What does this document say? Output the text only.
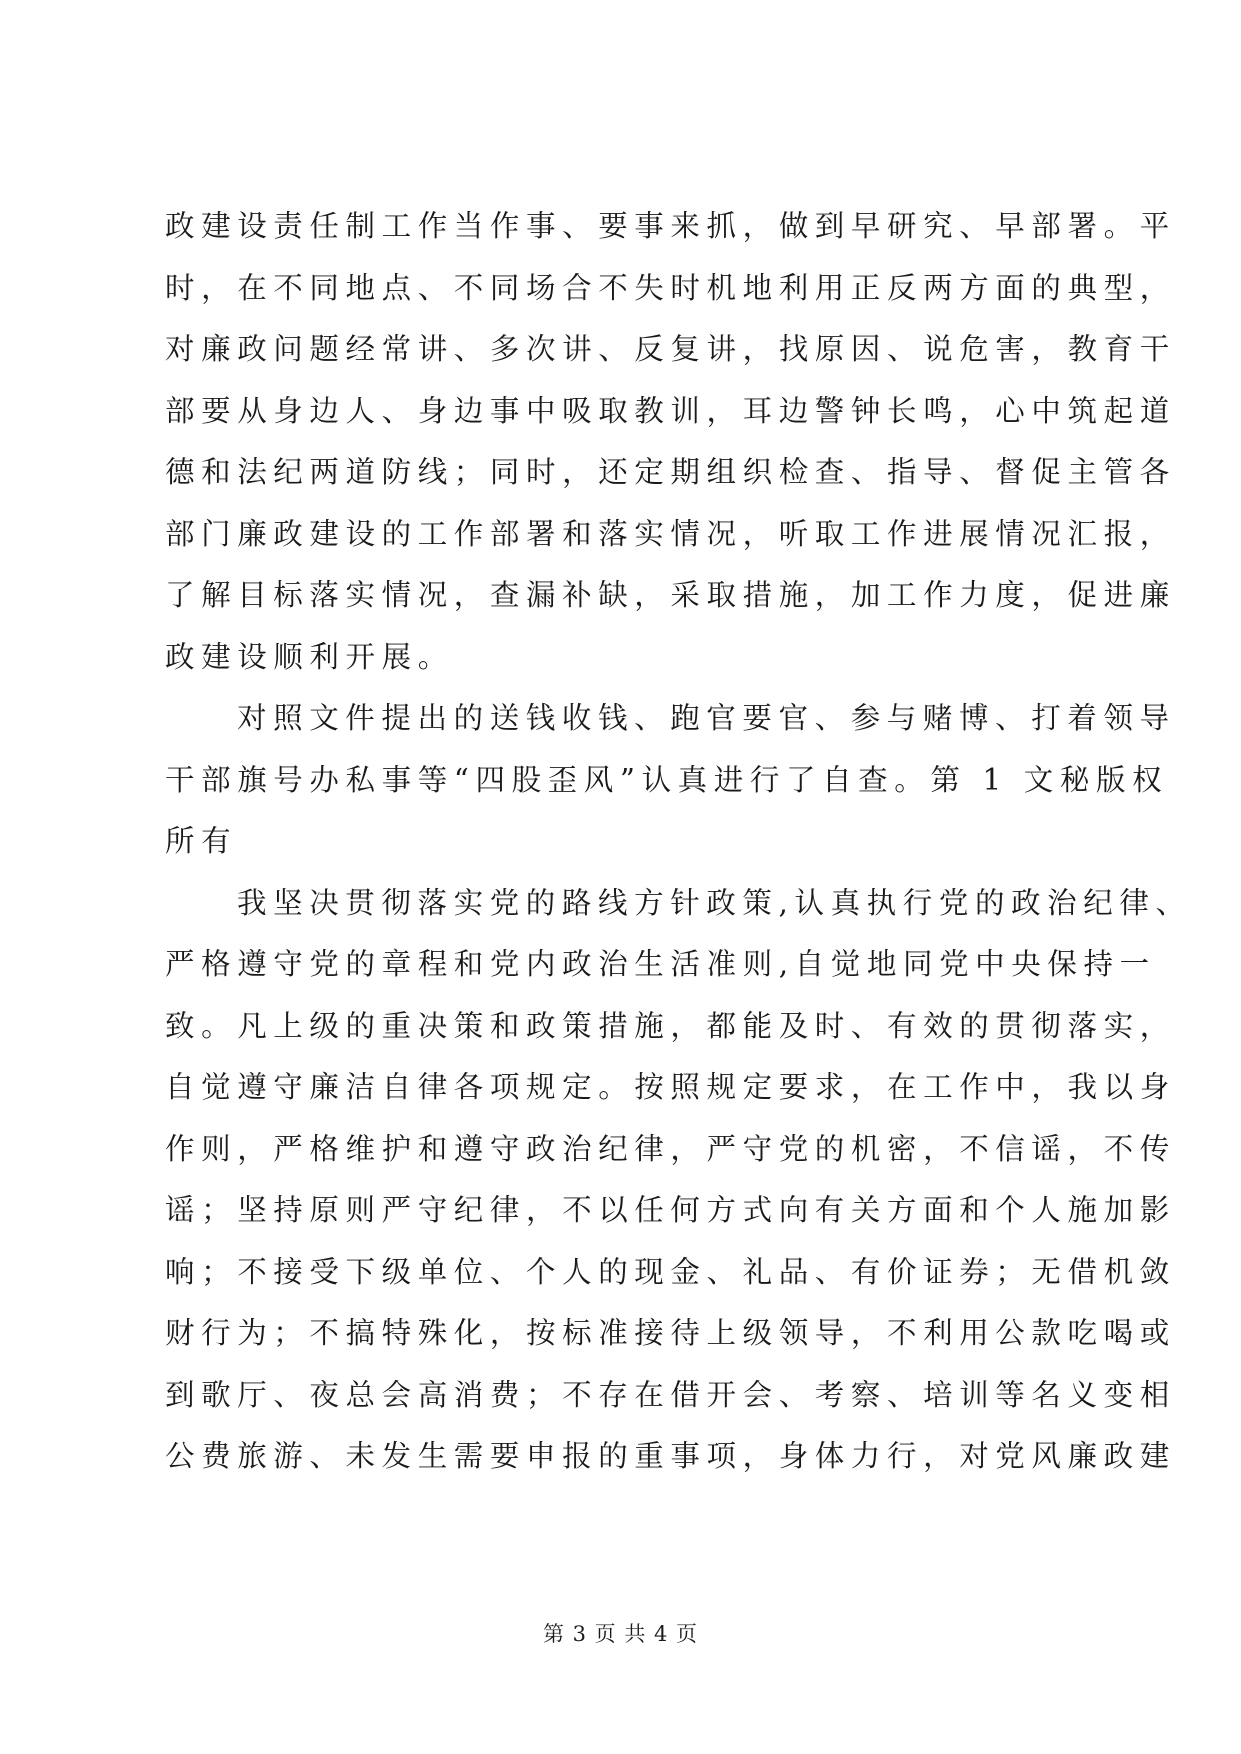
政建设责任制工作当作事、要事来抓，做到早研究、早部署。平
时，在不同地点、不同场合不失时机地利用正反两方面的典型，
对廉政问题经常讲、多次讲、反复讲，找原因、说危害，教育干
部要从身边人、身边事中吸取教训，耳边警钟长鸣，心中筑起道
德和法纪两道防线；同时，还定期组织检查、指导、督促主管各
部门廉政建设的工作部署和落实情况，听取工作进展情况汇报，
了解目标落实情况，查漏补缺，采取措施，加工作力度，促进廉
政建设顺利开展。
对照文件提出的送钱收钱、跑官要官、参与赌博、打着领导
干部旗号办私事等“四股歪风”认真进行了自查。第 1 文秘版权
所有
我坚决贯彻落实党的路线方针政策,认真执行党的政治纪律、
严格遵守党的章程和党内政治生活准则,自觉地同党中央保持一
致。凡上级的重决策和政策措施，都能及时、有效的贯彻落实，
自觉遵守廉洁自律各项规定。按照规定要求，在工作中，我以身
作则，严格维护和遵守政治纪律，严守党的机密，不信谣，不传
谣；坚持原则严守纪律，不以任何方式向有关方面和个人施加影
响；不接受下级单位、个人的现金、礼品、有价证券；无借机敛
财行为；不搞特殊化，按标准接待上级领导，不利用公款吃喝或
到歌厅、夜总会高消费；不存在借开会、考察、培训等名义变相
公费旅游、未发生需要申报的重事项，身体力行，对党风廉政建
第 3 页 共 4 页
